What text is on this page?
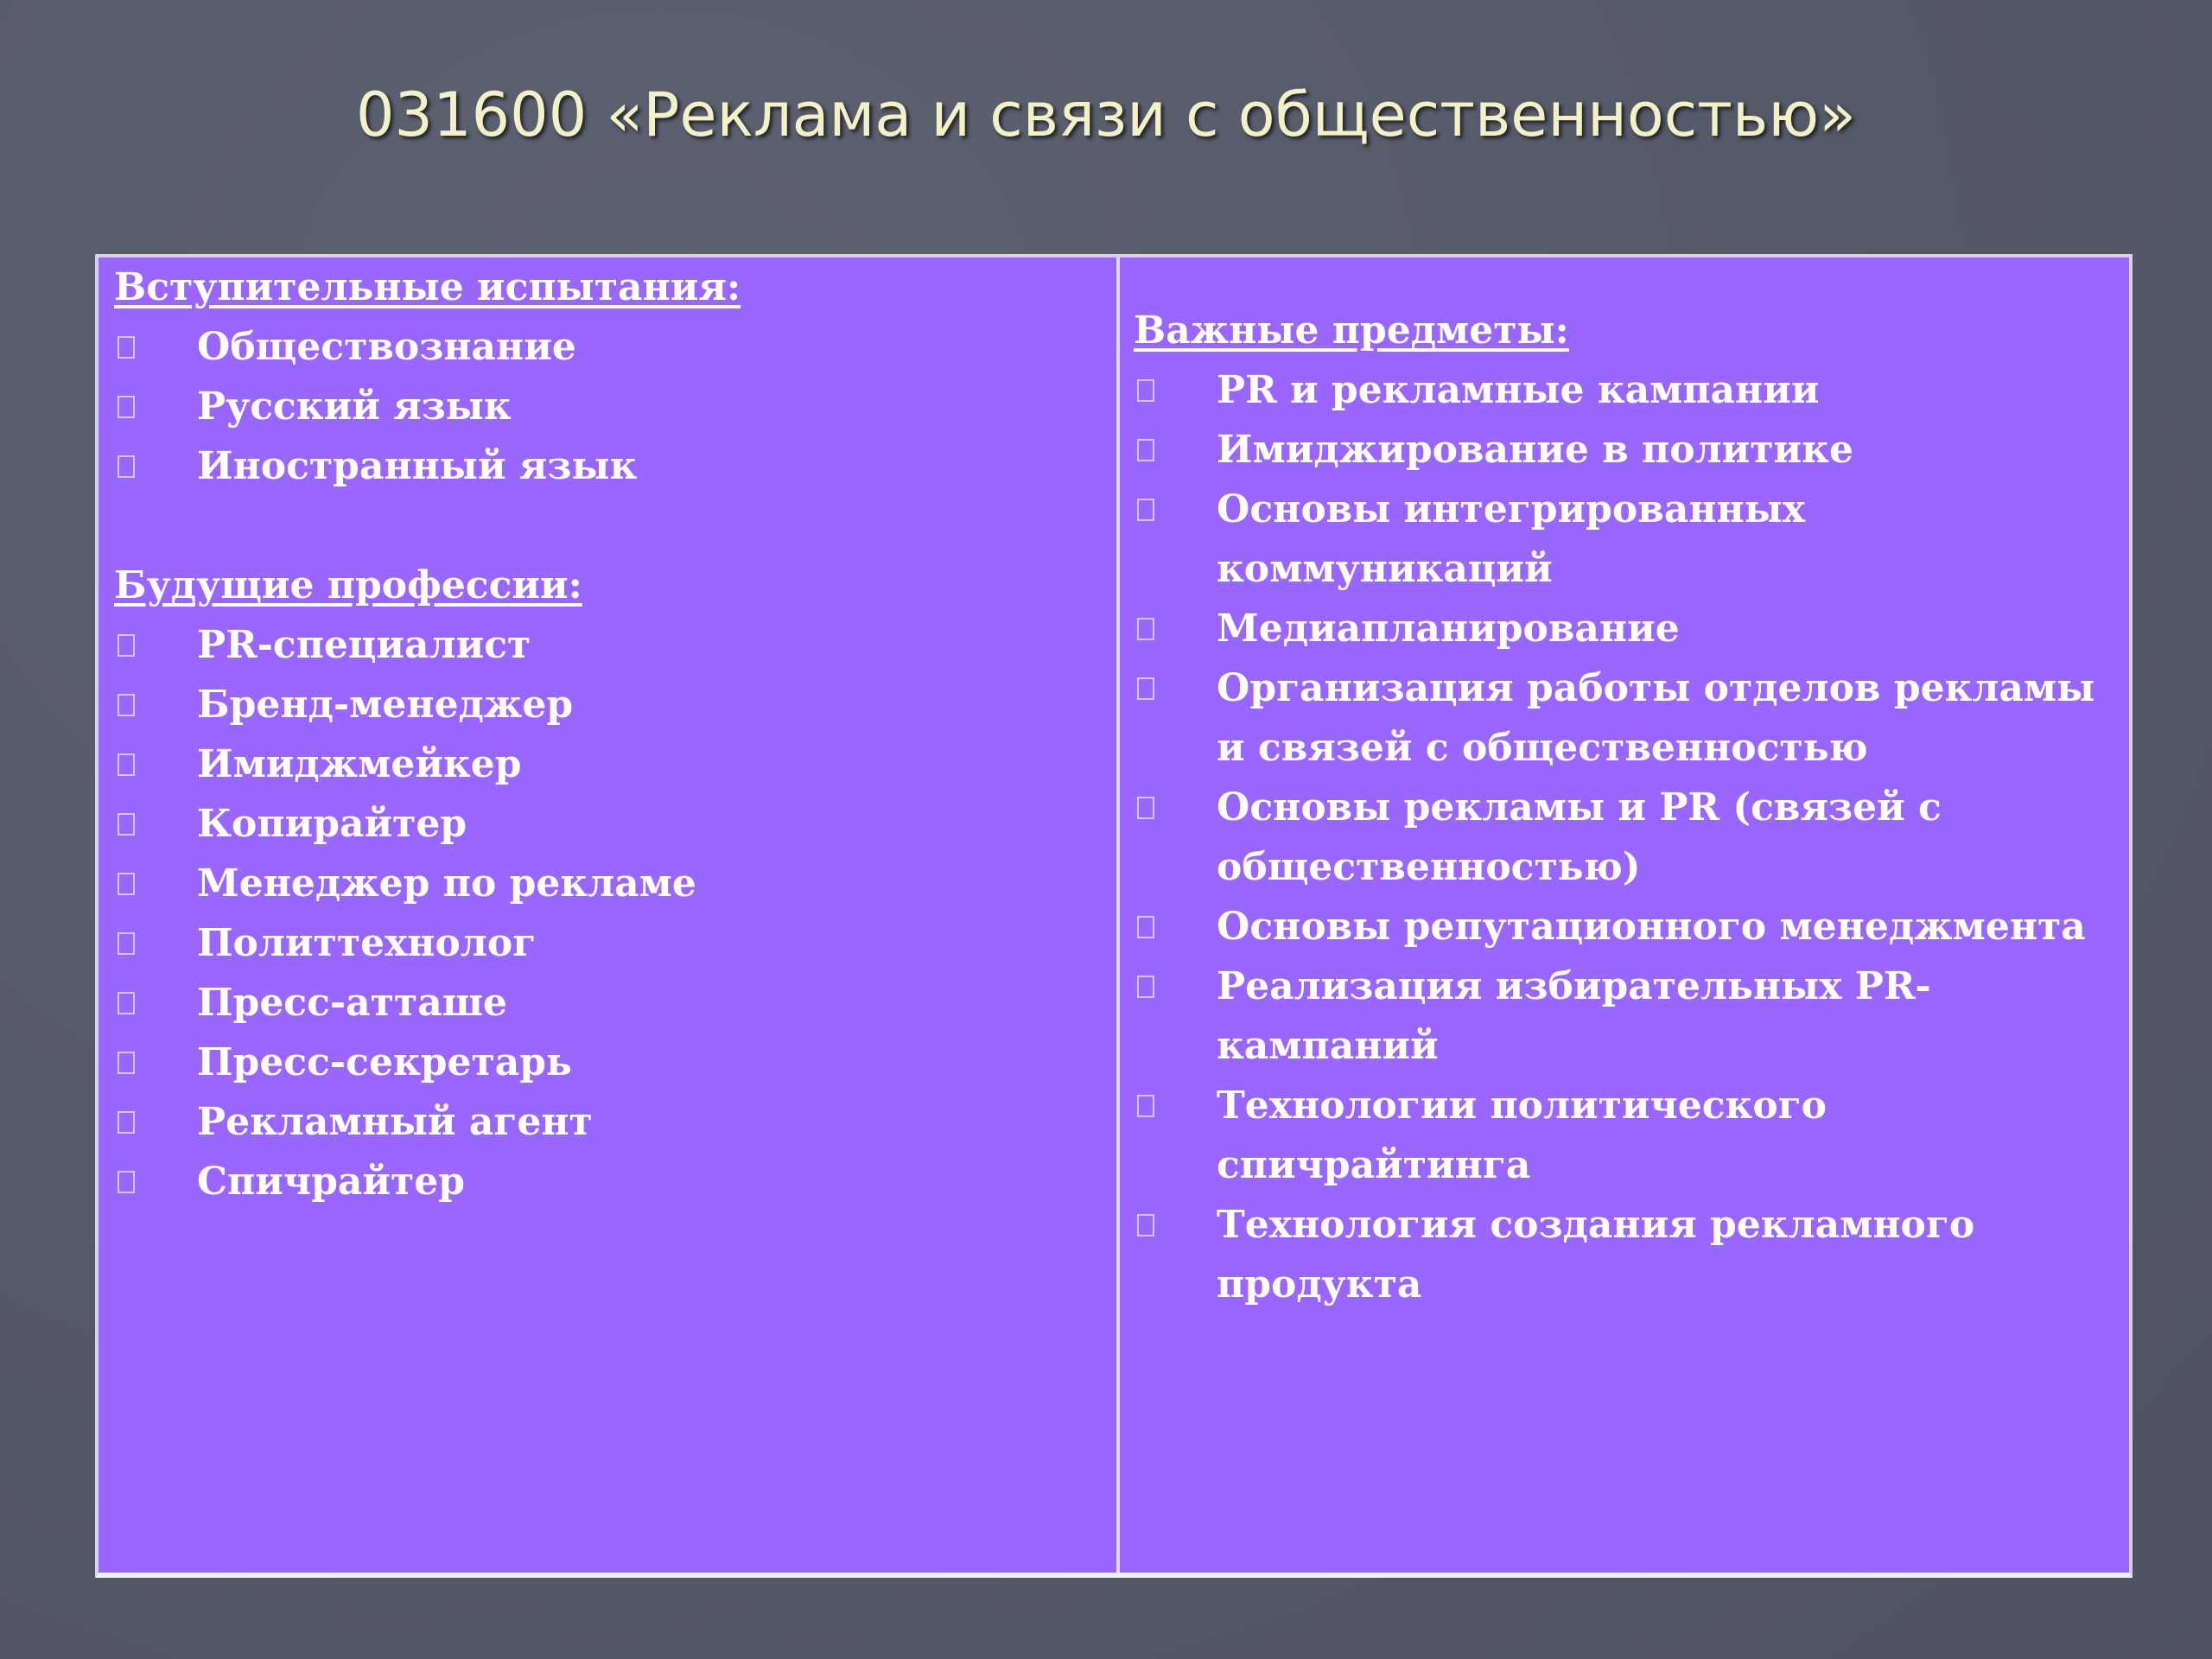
031600 «Реклама и связи с общественностью»
Вступительные испытания:
Обществознание
Русский язык
Иностранный язык
Будущие профессии:
PR-специалист
Бренд-менеджер
Имиджмейкер
Копирайтер
Менеджер по рекламе
Политтехнолог
Пресс-атташе
Пресс-секретарь
Рекламный агент
Спичрайтер
Важные предметы:
PR и рекламные кампании
Имиджирование в политике
Основы интегрированных коммуникаций
Медиапланирование
Организация работы отделов рекламы и связей с общественностью
Основы рекламы и PR (связей с общественностью)
Основы репутационного менеджмента
Реализация избирательных PR-кампаний
Технологии политического спичрайтинга
Технология создания рекламного продукта
